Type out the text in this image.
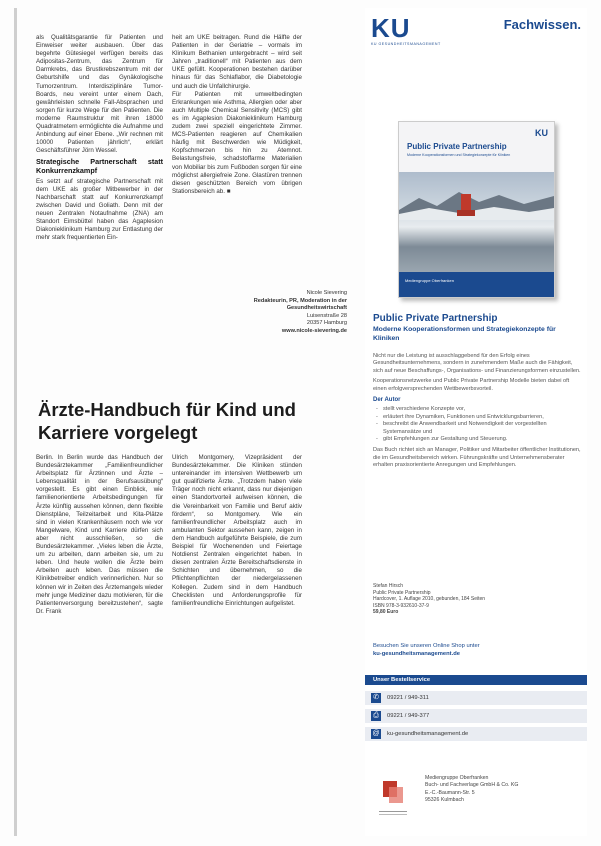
als Qualitätsgarantie für Patienten und Einweiser weiter ausbauen. Über das begehrte Gütesiegel verfügen bereits das Adipositas-Zentrum, das Zentrum für Darmkrebs, das Brustkrebszentrum mit der Geburtshilfe und das Gynäkologische Tumorzentrum. Interdisziplinäre Tumor-Boards, neu vereint unter einem Dach, gewährleisten schnelle Fall-Absprachen und sorgen für kurze Wege für den Patienten. Die moderne Raumstruktur mit ihren 18000 Quadratmetern ermöglichte die Aufnahme und Anbindung auf einer Ebene. „Wir rechnen mit 10000 Patienten jährlich“, erklärt Geschäftsführer Jörn Wessel.

Strategische Partnerschaft statt Konkurrenzkampf

Es setzt auf strategische Partnerschaft mit dem UKE als großer Mitbewerber in der Nachbarschaft statt auf Konkurrenzkampf zwischen David und Goliath. Denn mit der neuen Zentralen Notaufnahme (ZNA) am Standort Eimsbüttel haben das Agaplesion Diakonieklinikum Hamburg zur Entlastung der mehr stark frequentierten Ein-

heit am UKE beitragen. Rund die Hälfte der Patienten in der Geriatrie – vormals im Klinikum Bethanien untergebracht – wird seit Jahren „traditionell“ mit Patienten aus dem UKE gefüllt. Kooperationen bestehen darüber hinaus für das Schlaflabor, die Diabetologie und auch die Unfallchirurgie.

Für Patienten mit umweltbedingten Erkrankungen wie Asthma, Allergien oder aber auch Multiple Chemical Sensitivity (MCS) gibt es im Agaplesion Diakonieklinikum Hamburg zudem zwei speziell eingerichtete Zimmer. MCS-Patienten reagieren auf Chemikalien häufig mit Beschwerden wie Müdigkeit, Kopfschmerzen bis hin zu Atemnot. Belastungsfreie, schadstoffarme Materialien von Mobiliar bis zum Fußboden sorgen für eine möglichst allergiefreie Zone. Glastüren trennen diesen geschützten Bereich vom übrigen Stationsbereich ab. ■

Nicole Sievering
Redakteurin, PR, Moderation in der Gesundheitswirtschaft
Luisenstraße 28
20357 Hamburg
www.nicole-sievering.de
Ärzte-Handbuch für Kind und Karriere vorgelegt

Berlin. In Berlin wurde das Handbuch der Bundesärztekammer „Familienfreundlicher Arbeitsplatz für Ärztinnen und Ärzte – Lebensqualität in der Berufsausübung“ vorgestellt. Es gibt einen Einblick, wie familienorientierte Arbeitsbedingungen für Ärzte künftig aussehen können, denn flexible Dienstpläne, Teilzeitarbeit und Kita-Plätze sind in vielen Krankenhäusern noch wie vor Mangelware, Kind und Karriere dürfen sich aber nicht ausschließen, so die Bundesärztekammer. „Vieles leben die Ärzte, um zu arbeiten, dann arbeiten sie, um zu leben. Und heute wollen die Ärzte beim Arbeiten auch leben. Das müssen die Klinikbetreiber endlich verinnerlichen. Nur so können wir in Zeiten des Ärztemangels wieder mehr junge Mediziner dazu motivieren, für die Patientenversorgung bereitzustehen“, sagte Dr. Frank

Ulrich Montgomery, Vizepräsident der Bundesärztekammer. Die Kliniken stünden untereinander im intensiven Wettbewerb um gut qualifizierte Ärzte. „Trotzdem haben viele Träger noch nicht erkannt, dass nur diejenigen einen Standortvorteil aufweisen können, die die Vereinbarkeit von Familie und Beruf aktiv fördern“, so Montgomery. Wie ein familienfreundlicher Arbeitsplatz auch im ambulanten Sektor aussehen kann, zeigen in dem Handbuch aufgeführte Beispiele, die zum Beispiel für Wochenenden und Feiertage Notdienst Zentralen eingerichtet haben. In diesen zentralen Ärzte Bereitschaftsdienste in Schichten und übernehmen, so die Pflichtenpflichten der niedergelassenen Kollegen. Zudem sind in dem Handbuch Checklisten und Anforderungsprofile für familienfreundliche Einrichtungen aufgelistet.

KU
KU GESUNDHEITSMANAGEMENT
Fachwissen.
KU
Public Private Partnership
Moderne Kooperationsformen und Strategiekonzepte für Kliniken
Mediengruppe Oberfranken
Public Private Partnership
Moderne Kooperationsformen und Strategiekonzepte für Kliniken

Nicht nur die Leistung ist ausschlaggebend für den Erfolg eines Gesundheitsunternehmens, sondern in zunehmendem Maße auch die Fähigkeit, sich auf neue Beschaffungs-, Organisations- und Finanzierungsformen einzustellen.

Kooperationsnetzwerke und Public Private Partnership Modelle bieten dabei oft einen erfolgversprechenden Wettbewerbsvorteil.

Der Autor
- stellt verschiedene Konzepte vor,
- erläutert ihre Dynamiken, Funktionen und Entwicklungsbarrieren,
- beschreibt die Anwendbarkeit und Notwendigkeit der vorgestellten Systemansätze und
- gibt Empfehlungen zur Gestaltung und Steuerung.

Das Buch richtet sich an Manager, Politiker und Mitarbeiter öffentlicher Institutionen, die im Gesundheitsbereich wirken. Führungskräfte und Unternehmensberater erhalten praxisorientierte Anregungen und Empfehlungen.

Stefan Hirsch
Public Private Partnership
Hardcover, 1. Auflage 2010, gebunden, 184 Seiten
ISBN 978-3-932610-37-9
59,80 Euro
Besuchen Sie unseren Online Shop unter
ku-gesundheitsmanagement.de
Unser Bestellservice
✆	09221 / 949-311
⎙	09221 / 949-377
@ ku-gesundheitsmanagement.de
Mediengruppe Oberfranken
Buch- und Fachverlage GmbH & Co. KG
E.-C.-Baumann-Str. 5
95326 Kulmbach
